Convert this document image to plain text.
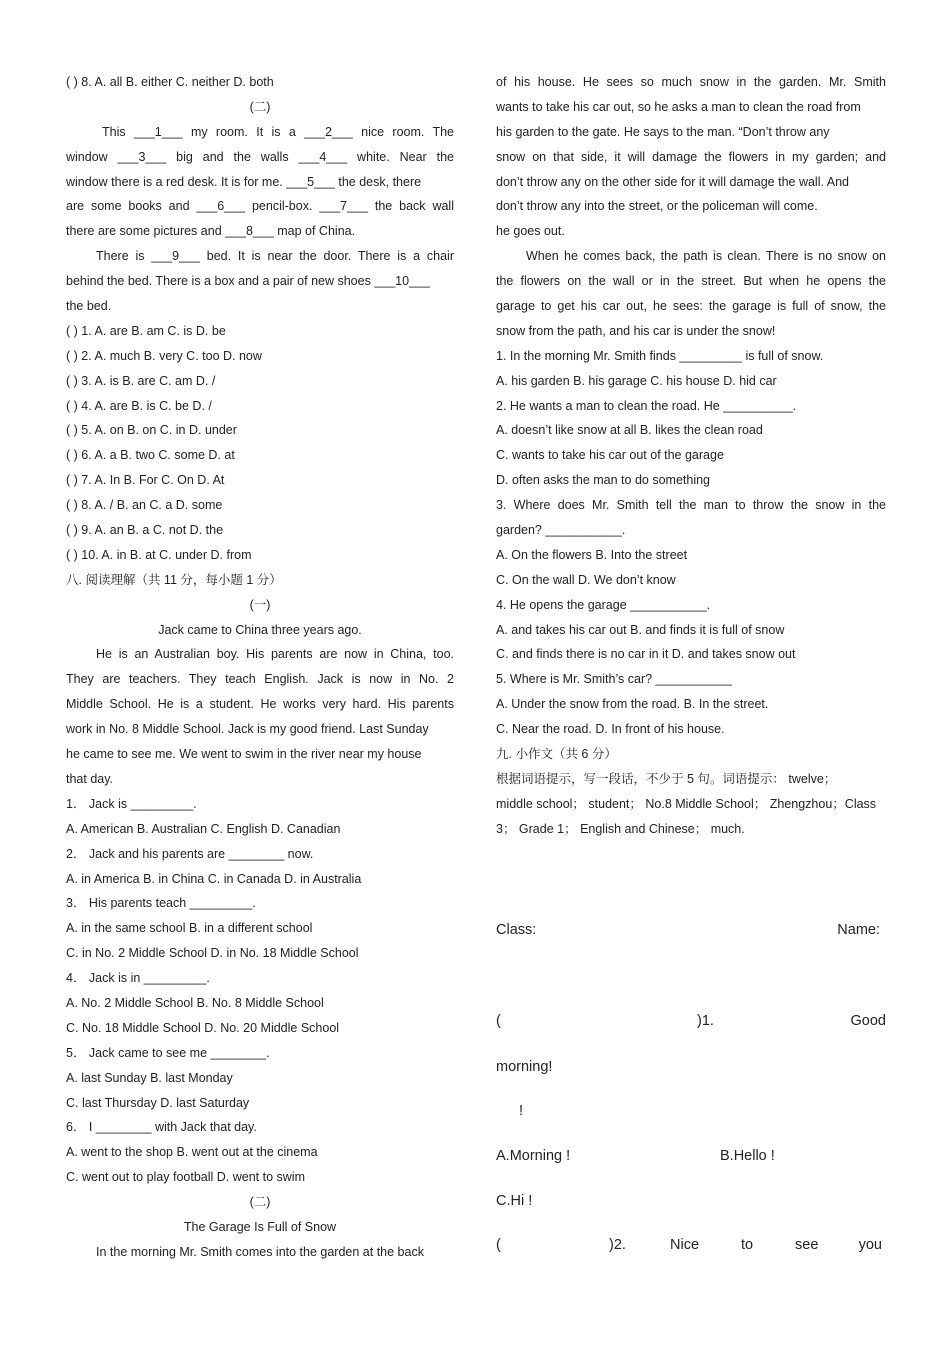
( ) 8. A. all B. either C. neither D. both
(二)
This ___1___ my room. It is a ___2___ nice room. The
window ___3___ big and the walls ___4___ white. Near the
window there is a red desk. It is for me. ___5___ the desk, there
are some books and ___6___ pencil-box. ___7___ the back wall
there are some pictures and ___8___ map of China.
There is ___9___ bed. It is near the door. There is a chair
behind the bed. There is a box and a pair of new shoes ___10___
the bed.
( ) 1. A. are B. am C. is D. be
( ) 2. A. much B. very C. too D. now
( ) 3. A. is B. are C. am D. /
( ) 4. A. are B. is C. be D. /
( ) 5. A. on B. on C. in D. under
( ) 6. A. a B. two C. some D. at
( ) 7. A. In B. For C. On D. At
( ) 8. A. / B. an C. a D. some
( ) 9. A. an B. a C. not D. the
( ) 10. A. in B. at C. under D. from
八. 阅读理解（共 11 分，每小题 1 分）
(一)
Jack came to China three years ago.
He is an Australian boy. His parents are now in China, too.
They are teachers. They teach English. Jack is now in No. 2
Middle School. He is a student. He works very hard. His parents
work in No. 8 Middle School. Jack is my good friend. Last Sunday
he came to see me. We went to swim in the river near my house
that day.
1． Jack is _________.
A. American B. Australian C. English D. Canadian
2． Jack and his parents are ________ now.
A. in America B. in China C. in Canada D. in Australia
3． His parents teach _________.
A. in the same school B. in a different school
C. in No. 2 Middle School D. in No. 18 Middle School
4． Jack is in _________.
A. No. 2 Middle School B. No. 8 Middle School
C. No. 18 Middle School D. No. 20 Middle School
5． Jack came to see me ________.
A. last Sunday B. last Monday
C. last Thursday D. last Saturday
6． I ________ with Jack that day.
A. went to the shop B. went out at the cinema
C. went out to play football D. went to swim
(二)
The Garage Is Full of Snow
In the morning Mr. Smith comes into the garden at the back
of his house. He sees so much snow in the garden. Mr. Smith
wants to take his car out, so he asks a man to clean the road from
his garden to the gate. He says to the man. “Don’t throw any
snow on that side, it will damage the flowers in my garden; and
don’t throw any on the other side for it will damage the wall. And
don’t throw any into the street, or the policeman will come.
he goes out.
When he comes back, the path is clean. There is no snow on
the flowers on the wall or in the street. But when he opens the
garage to get his car out, he sees: the garage is full of snow, the
snow from the path, and his car is under the snow!
1. In the morning Mr. Smith finds _________ is full of snow.
A. his garden B. his garage C. his house D. hid car
2. He wants a man to clean the road. He __________.
A. doesn’t like snow at all B. likes the clean road
C. wants to take his car out of the garage
D. often asks the man to do something
3. Where does Mr. Smith tell the man to throw the snow in the
garden? ___________.
A. On the flowers B. Into the street
C. On the wall D. We don’t know
4. He opens the garage ___________.
A. and takes his car out B. and finds it is full of snow
C. and finds there is no car in it D. and takes snow out
5. Where is Mr. Smith’s car? ___________
A. Under the snow from the road. B. In the street.
C. Near the road. D. In front of his house.
九. 小作文（共 6 分）
根据词语提示，写一段话，不少于 5 句。词语提示： twelve；
middle school； student； No.8 Middle School； Zhengzhou；Class
3； Grade 1； English and Chinese； much.
Class:	Name:
(	)1.	Good
morning!
!
A.Morning !	B.Hello !
C.Hi !
(	)2.	Nice	to	see	you
